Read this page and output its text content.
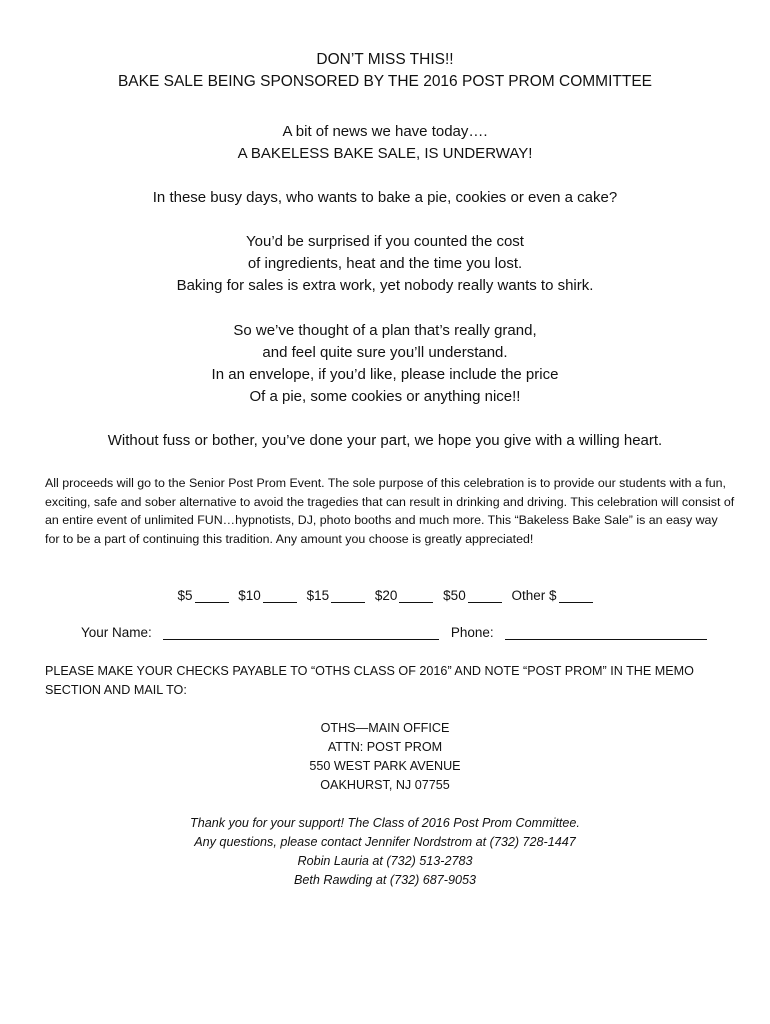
DON’T MISS THIS!!
BAKE SALE BEING SPONSORED BY THE 2016 POST PROM COMMITTEE
A bit of news we have today….
A BAKELESS BAKE SALE, IS UNDERWAY!
In these busy days, who wants to bake a pie, cookies or even a cake?
You’d be surprised if you counted the cost
of ingredients, heat and the time you lost.
Baking for sales is extra work, yet nobody really wants to shirk.
So we’ve thought of a plan that’s really grand,
and feel quite sure you’ll understand.
In an envelope, if you’d like, please include the price
Of a pie, some cookies or anything nice!!
Without fuss or bother, you’ve done your part, we hope you give with a willing heart.
All proceeds will go to the Senior Post Prom Event. The sole purpose of this celebration is to provide our students with a fun, exciting, safe and sober alternative to avoid the tragedies that can result in drinking and driving. This celebration will consist of an entire event of unlimited FUN…hypnotists, DJ, photo booths and much more. This “Bakeless Bake Sale” is an easy way for to be a part of continuing this tradition. Any amount you choose is greatly appreciated!
$5	$10	$15	$20	$50	Other $
Your Name:	Phone:
PLEASE MAKE YOUR CHECKS PAYABLE TO “OTHS CLASS OF 2016” AND NOTE “POST PROM” IN THE MEMO SECTION AND MAIL TO:
OTHS—MAIN OFFICE
ATTN: POST PROM
550 WEST PARK AVENUE
OAKHURST, NJ 07755
Thank you for your support! The Class of 2016 Post Prom Committee.
Any questions, please contact Jennifer Nordstrom at (732) 728-1447
Robin Lauria at (732) 513-2783
Beth Rawding at (732) 687-9053
